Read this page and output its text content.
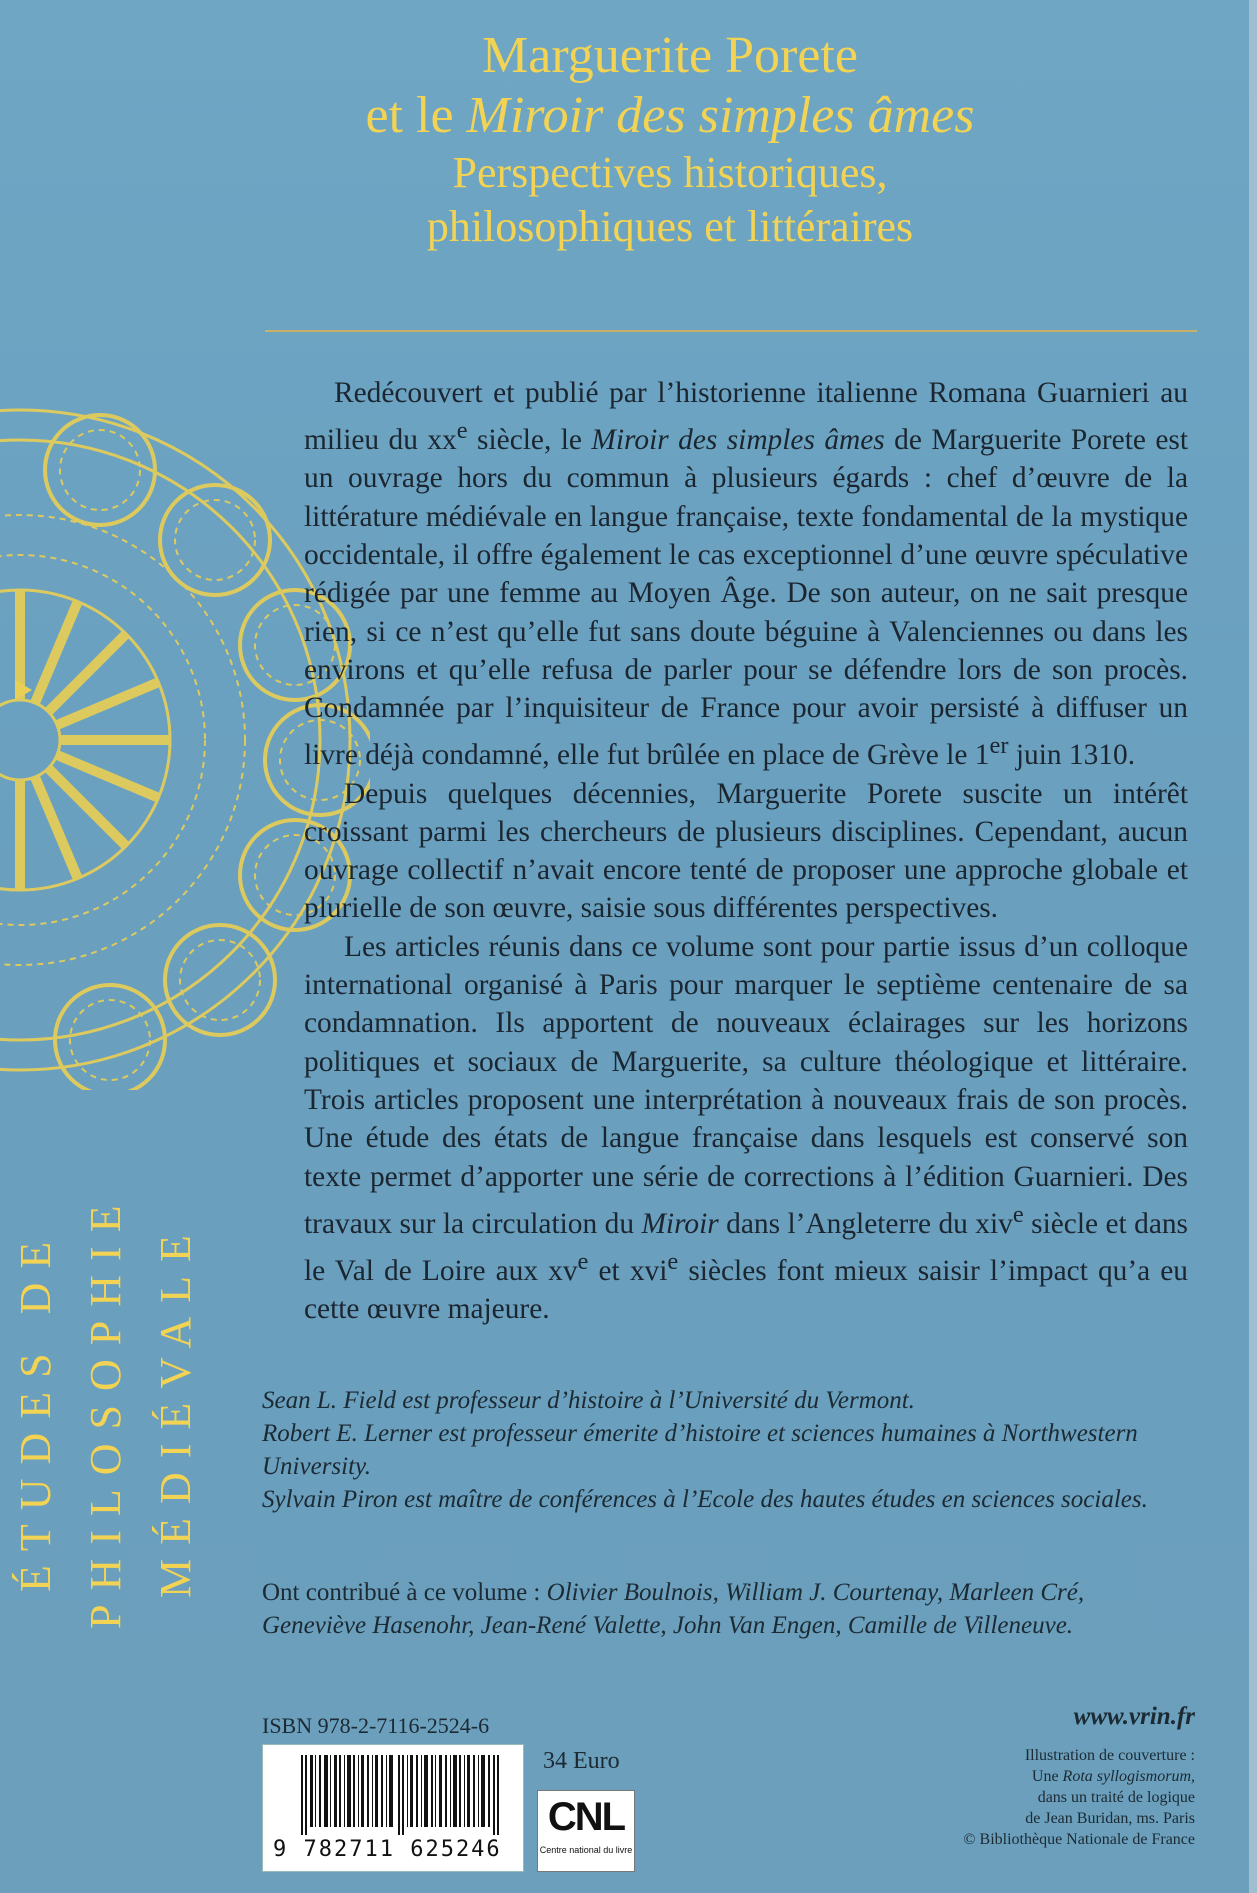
Marguerite Porete

et le Miroir des simples âmes

Perspectives historiques,

philosophiques et littéraires

ÉTUDES DE PHILOSOPHIE MÉDIÉVALE

Redécouvert et publié par l’historienne italienne Romana Guarnieri au milieu du $xx^e$ siècle, le Miroir des simples âmes de Marguerite Porete est un ouvrage hors du commun à plusieurs égards : chef d’œuvre de la littérature médiévale en langue française, texte fondamental de la mystique occidentale, il offre également le cas exceptionnel d’une œuvre spéculative rédigée par une femme au Moyen Âge. De son auteur, on ne sait presque rien, si ce n’est qu’elle fut sans doute béguine à Valenciennes ou dans les environs et qu’elle refusa de parler pour se défendre lors de son procès. Condamnée par l’inquisiteur de France pour avoir persisté à diffuser un livre déjà condamné, elle fut brûlée en place de Grève le 1er juin 1310.

Depuis quelques décennies, Marguerite Porete suscite un intérêt croissant parmi les chercheurs de plusieurs disciplines. Cependant, aucun ouvrage collectif n’avait encore tenté de proposer une approche globale et plurielle de son œuvre, saisie sous différentes perspectives.

Les articles réunis dans ce volume sont pour partie issus d’un colloque international organisé à Paris pour marquer le septième centenaire de sa condamnation. Ils apportent de nouveaux éclairages sur les horizons politiques et sociaux de Marguerite, sa culture théologique et littéraire. Trois articles proposent une interprétation à nouveaux frais de son procès. Une étude des états de langue française dans lesquels est conservé son texte permet d’apporter une série de corrections à l’édition Guarnieri. Des travaux sur la circulation du Miroir dans l’Angleterre du xiv$^e$ siècle et dans le Val de Loire aux $xv^e$ et xvi$^e$ siècles font mieux saisir l’impact qu’a eu cette œuvre majeure.

Sean L. Field est professeur d’histoire à l’Université du Vermont.

Robert E. Lerner est professeur émerite d’histoire et sciences humaines à Northwestern University.

Sylvain Piron est maître de conférences à l’Ecole des hautes études en sciences sociales.

Ont contribué à ce volume : Olivier Boulnois, William J. Courtenay, Marleen Cré, Geneviève Hasenohr, Jean-René Valette, John Van Engen, Camille de Villeneuve.
ISBN 978-2-7116-2524-6
9 782711 625246
34 Euro
CNL
Centre national du livre
www.vrin.fr
Illustration de couverture :
Une Rota syllogismorum,
dans un traité de logique
de Jean Buridan, ms. Paris
© Bibliothèque Nationale de France
